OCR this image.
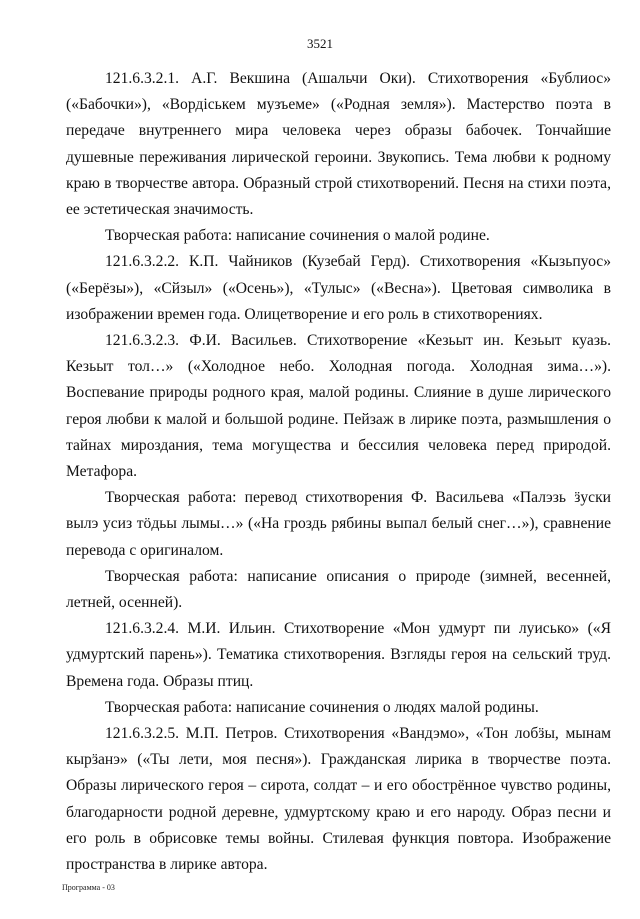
3521

121.6.3.2.1. А.Г. Векшина (Ашальчи Оки). Стихотворения «Бублиос» («Бабочки»), «Вордiськем музъеме» («Родная земля»). Мастерство поэта в передаче внутреннего мира человека через образы бабочек. Тончайшие душевные переживания лирической героини. Звукопись. Тема любви к родному краю в творчестве автора. Образный строй стихотворений. Песня на стихи поэта, ее эстетическая значимость.

Творческая работа: написание сочинения о малой родине.

121.6.3.2.2. К.П. Чайников (Кузебай Герд). Стихотворения «Кызьпуос» («Берёзы»), «Сйзыл» («Осень»), «Тулыс» («Весна»). Цветовая символика в изображении времен года. Олицетворение и его роль в стихотворениях.

121.6.3.2.3. Ф.И. Васильев. Стихотворение «Кезьыт ин. Кезьыт куазь. Кезьыт тол…» («Холодное небо. Холодная погода. Холодная зима…»). Воспевание природы родного края, малой родины. Слияние в душе лирического героя любви к малой и большой родине. Пейзаж в лирике поэта, размышления о тайнах мироздания, тема могущества и бессилия человека перед природой. Метафора.

Творческая работа: перевод стихотворения Ф. Васильева «Палэзь ӟуски вылэ усиз тӧдьы лымы…» («На гроздь рябины выпал белый снег…»), сравнение перевода с оригиналом.

Творческая работа: написание описания о природе (зимней, весенней, летней, осенней).

121.6.3.2.4. М.И. Ильин. Стихотворение «Мон удмурт пи луисько» («Я удмуртский парень»). Тематика стихотворения. Взгляды героя на сельский труд. Времена года. Образы птиц.

Творческая работа: написание сочинения о людях малой родины.

121.6.3.2.5. М.П. Петров. Стихотворения «Вандэмо», «Тон лобӟы, мынам кырӟанэ» («Ты лети, моя песня»). Гражданская лирика в творчестве поэта. Образы лирического героя – сирота, солдат – и его обострённое чувство родины, благодарности родной деревне, удмуртскому краю и его народу. Образ песни и его роль в обрисовке темы войны. Стилевая функция повтора. Изображение пространства в лирике автора.

Программа - 03
